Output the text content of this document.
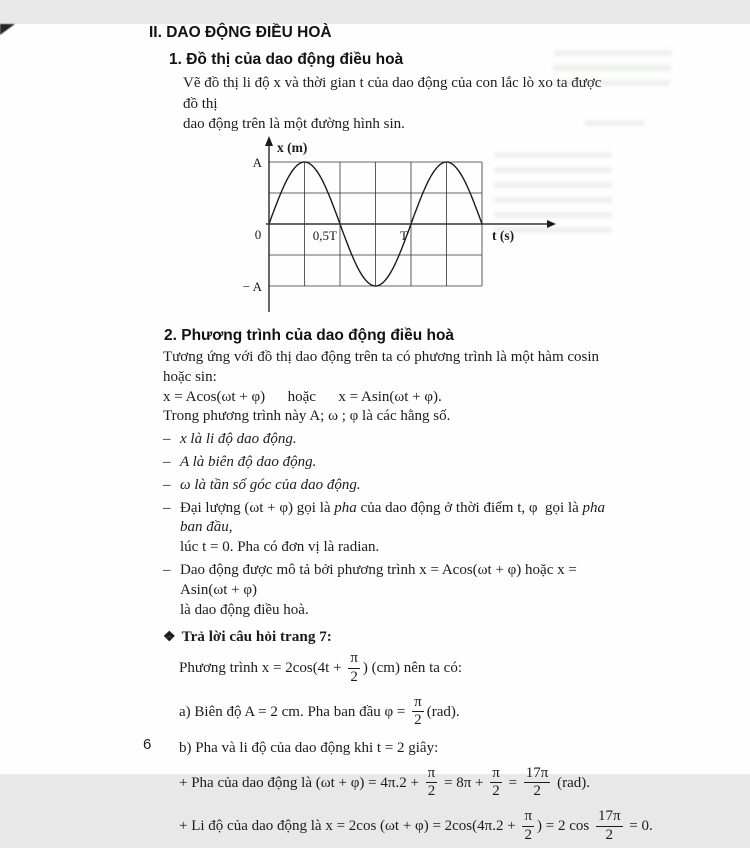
II. DAO ĐỘNG ĐIỀU HOÀ
1. Đồ thị của dao động điều hoà

Vẽ đồ thị li độ x và thời gian t của dao động của con lắc lò xo ta được đồ thị
dao động trên là một đường hình sin.

A
− A
0	0,5T	T
x (m)
t (s)
2. Phương trình của dao động điều hoà
Tương ứng với đồ thị dao động trên ta có phương trình là một hàm cosin hoặc sin:
x = Acos(ωt + φ)      hoặc      x = Asin(ωt + φ).
Trong phương trình này A; ω ; φ là các hằng số.
– x là li độ dao động.
– A là biên độ dao động.
– ω là tần số góc của dao động.
– Đại lượng (ωt + φ) gọi là pha của dao động ở thời điểm t, φ  gọi là pha ban đầu,
lúc t = 0. Pha có đơn vị là radian.
– Dao động được mô tả bởi phương trình x = Acos(ωt + φ) hoặc x = Asin(ωt + φ)
là dao động điều hoà.
❖ Trả lời câu hỏi trang 7:
Phương trình $x = 2\cos(4t + \frac{\pi}{2}$ ) (cm) nên ta có:
a) Biên độ A = 2 cm. Pha ban đầu $\varphi = \frac{\pi}{2} (rad)$.
b) Pha và li độ của dao động khi t = 2 giây:
+ Pha của dao động là $(\omega t + \varphi) = 4\pi.2 + \frac{\pi}{2} = 8\pi + \frac{\pi}{2} = \frac{17\pi}{2} (rad)$.
+ Li độ của dao động là x = 2cos $(\omega t + \varphi) = 2\cos(4\pi.2 + \frac{\pi}{2}$ ) = 2 $\cos \frac{17\pi}{2} = 0$.
6
